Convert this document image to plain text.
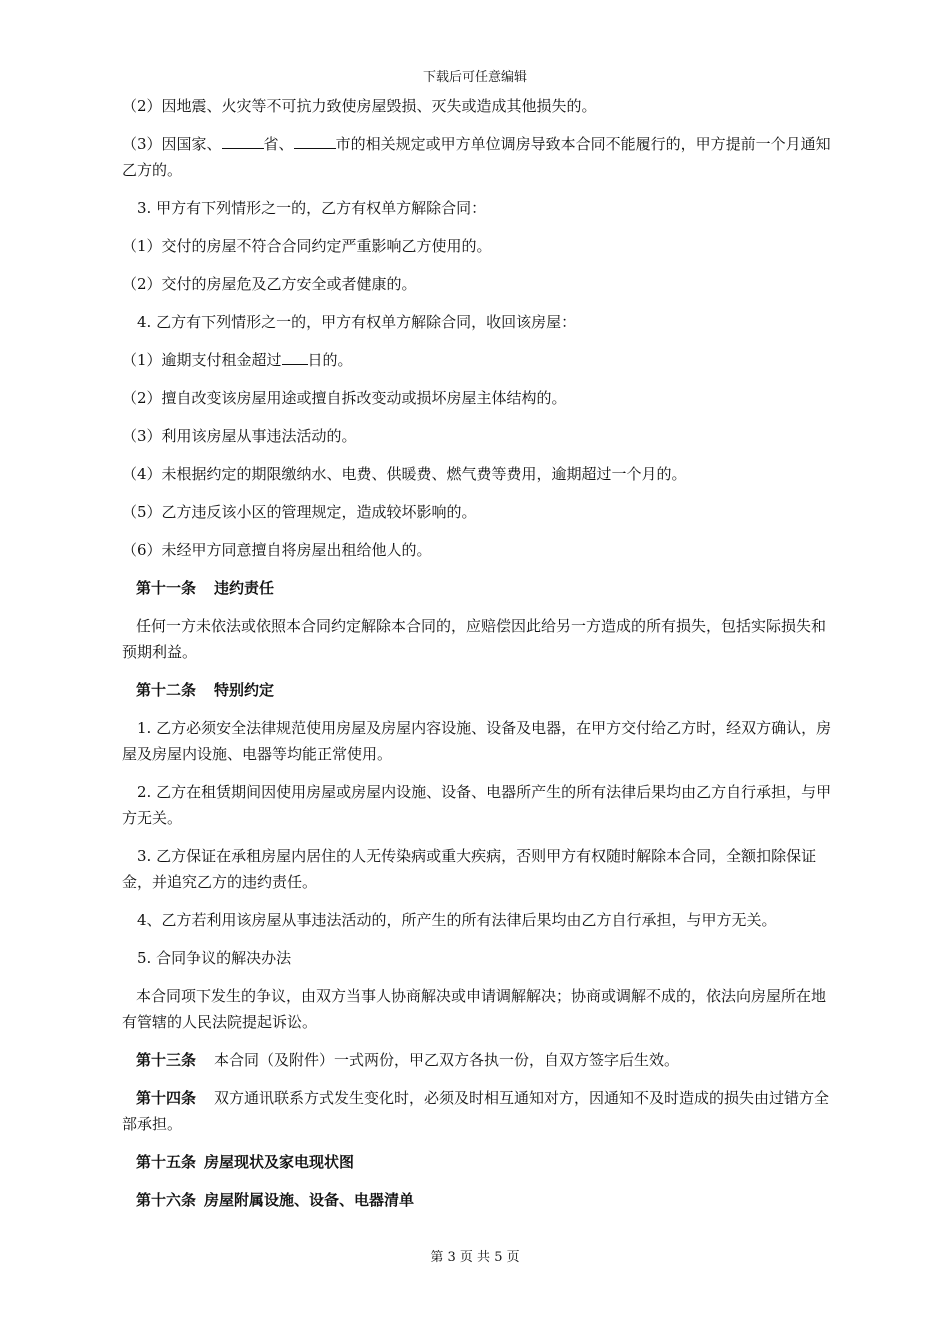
下载后可任意编辑

（2）因地震、火灾等不可抗力致使房屋毁损、灭失或造成其他损失的。

（3）因国家、	省、	市的相关规定或甲方单位调房导致本合同不能履行的，甲方提前一个月通知乙方的。

3. 甲方有下列情形之一的，乙方有权单方解除合同：

（1）交付的房屋不符合合同约定严重影响乙方使用的。

（2）交付的房屋危及乙方安全或者健康的。

4. 乙方有下列情形之一的，甲方有权单方解除合同，收回该房屋：

（1）逾期支付租金超过 日的。

（2）擅自改变该房屋用途或擅自拆改变动或损坏房屋主体结构的。

（3）利用该房屋从事违法活动的。

（4）未根据约定的期限缴纳水、电费、供暖费、燃气费等费用，逾期超过一个月的。

（5）乙方违反该小区的管理规定，造成较坏影响的。

（6）未经甲方同意擅自将房屋出租给他人的。

第十一条 违约责任

任何一方未依法或依照本合同约定解除本合同的，应赔偿因此给另一方造成的所有损失，包括实际损失和预期利益。

第十二条 特别约定

1. 乙方必须安全法律规范使用房屋及房屋内容设施、设备及电器，在甲方交付给乙方时，经双方确认，房屋及房屋内设施、电器等均能正常使用。

2. 乙方在租赁期间因使用房屋或房屋内设施、设备、电器所产生的所有法律后果均由乙方自行承担，与甲方无关。

3. 乙方保证在承租房屋内居住的人无传染病或重大疾病，否则甲方有权随时解除本合同，全额扣除保证金，并追究乙方的违约责任。

4、乙方若利用该房屋从事违法活动的，所产生的所有法律后果均由乙方自行承担，与甲方无关。

5. 合同争议的解决办法

本合同项下发生的争议，由双方当事人协商解决或申请调解解决；协商或调解不成的，依法向房屋所在地有管辖的人民法院提起诉讼。

第十三条 本合同（及附件）一式两份，甲乙双方各执一份，自双方签字后生效。

第十四条 双方通讯联系方式发生变化时，必须及时相互通知对方，因通知不及时造成的损失由过错方全部承担。

第十五条 房屋现状及家电现状图

第十六条 房屋附属设施、设备、电器清单

第 3 页 共 5 页
